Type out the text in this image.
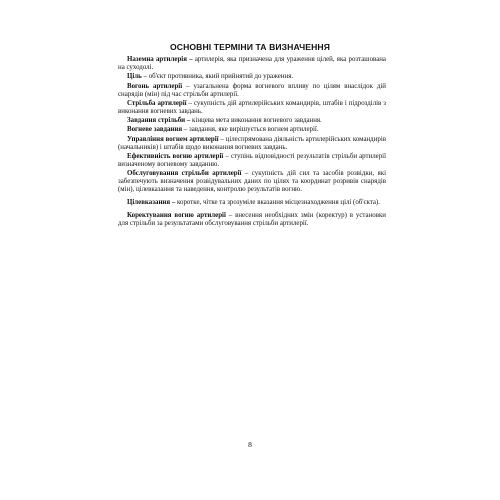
ОСНОВНІ ТЕРМІНИ ТА ВИЗНАЧЕННЯ

Наземна артилерія – артилерія, яка призначена для ураження цілей, яка розташована на суходолі.

Ціль – об'єкт противника, який прийнятий до ураження.

Вогонь артилерії – узагальнена форма вогневого впливу по цілям внаслідок дій снарядів (мін) під час стрільби артилерії.

Стрільба артилерії – сукупність дій артилерійських командирів, штабів і підрозділів з виконання вогневих завдань.

Завдання стрільби – кінцева мета виконання вогневого завдання.

Вогневе завдання – завдання, яке вирішується вогнем артилерії.

Управління вогнем артилерії – цілеспрямована діяльність артилерійських командирів (начальників) і штабів щодо виконання вогневих завдань.

Ефективність вогню артилерії – ступінь відповідності результатів стрільби артилерії визначеному вогневому завданню.

Обслуговування стрільби артилерії – сукупність дій сил та засобів розвідки, які забезпечують визначення розвідувальних даних по цілях та координат розривів снарядів (мін), цілевказання та наведення, контролю результатів вогню.

Цілевказання – коротке, чітке та зрозуміле вказання місцезнаходження цілі (об'єкта).

Коректування вогню артилерії – внесення необхідних змін (коректур) в установки для стрільби за результатами обслуговування стрільби артилерії.

8
